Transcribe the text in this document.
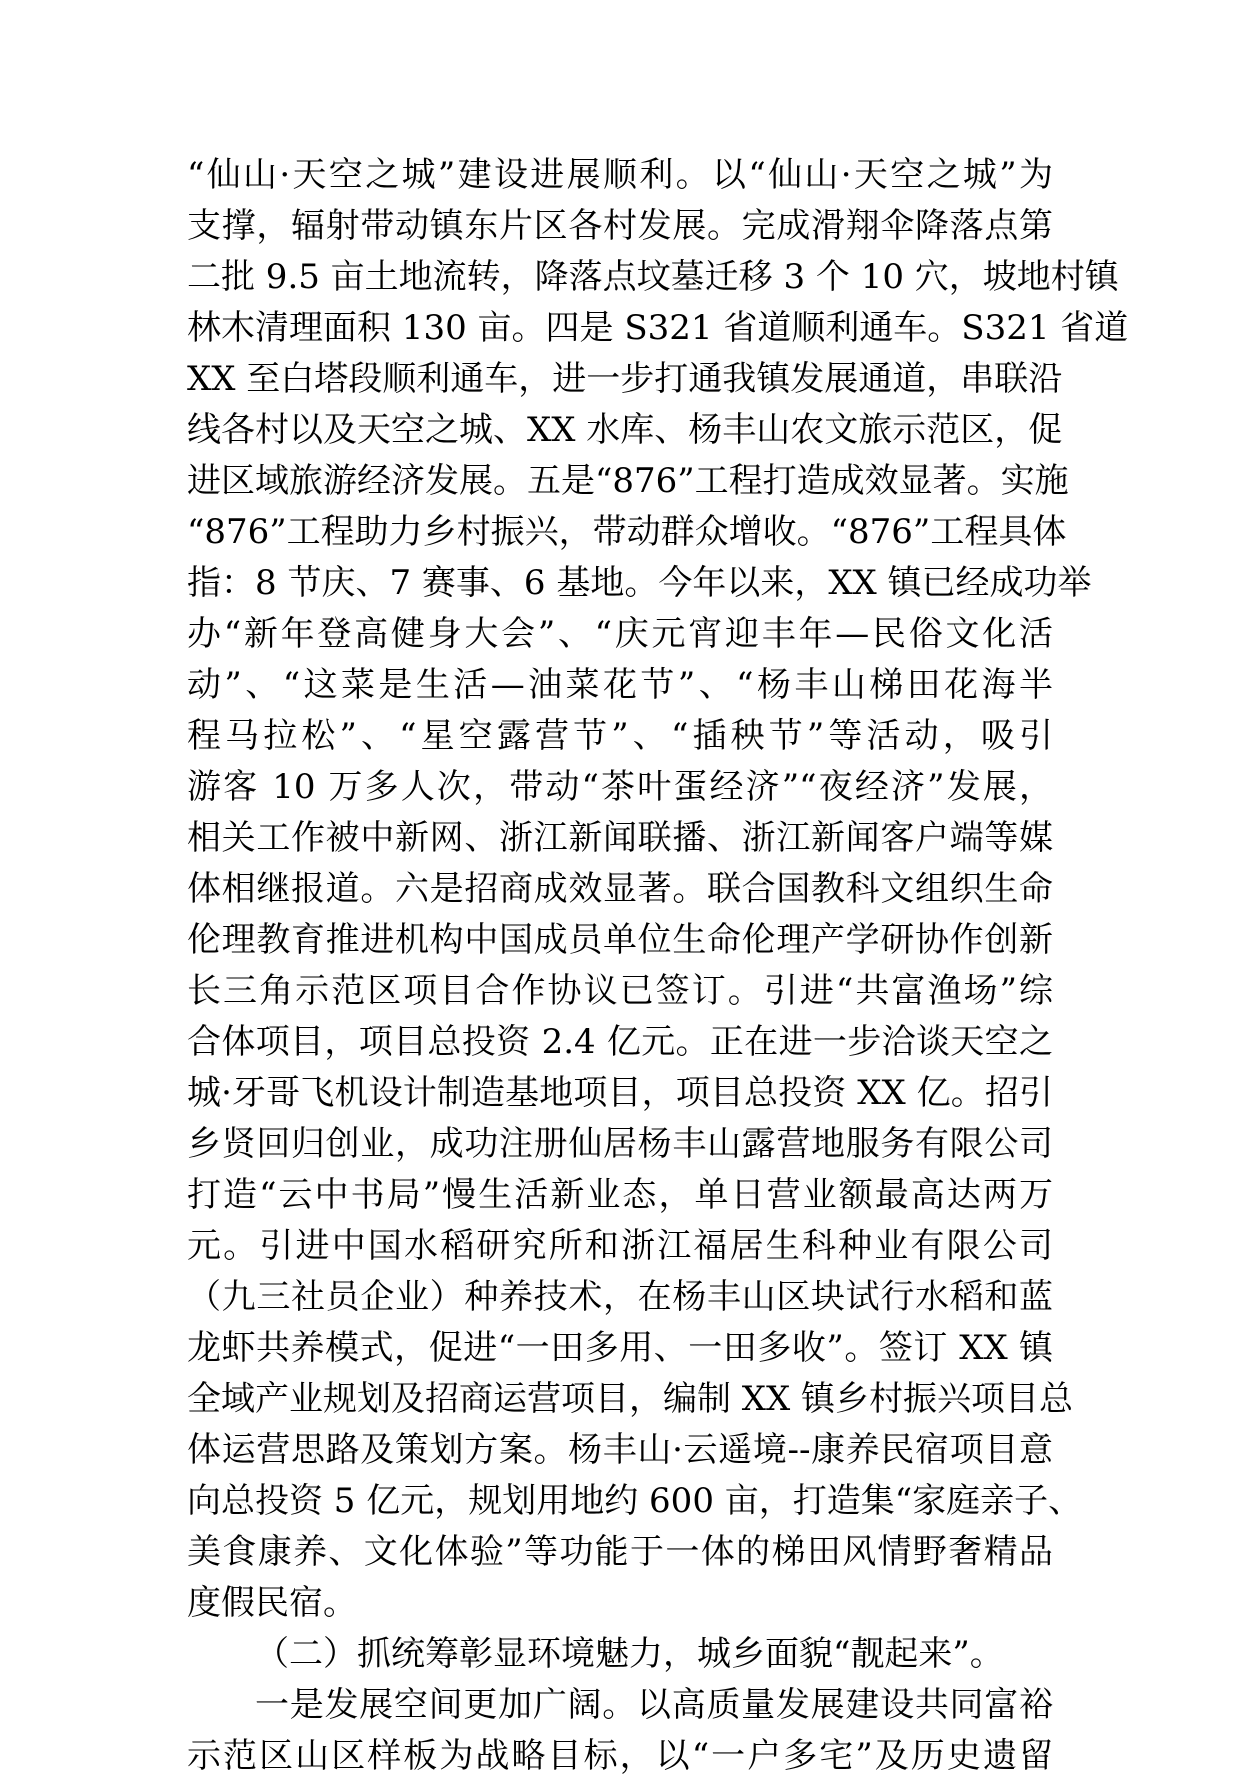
“仙山·天空之城”建设进展顺利。以“仙山·天空之城”为
支撑，辐射带动镇东片区各村发展。完成滑翔伞降落点第
二批 9.5 亩土地流转，降落点坟墓迁移 3 个 10 穴，坡地村镇
林木清理面积 130 亩。四是 S321 省道顺利通车。S321 省道
XX 至白塔段顺利通车，进一步打通我镇发展通道，串联沿
线各村以及天空之城、XX 水库、杨丰山农文旅示范区，促
进区域旅游经济发展。五是“876”工程打造成效显著。实施
“876”工程助力乡村振兴，带动群众增收。“876”工程具体
指：8 节庆、7 赛事、6 基地。今年以来，XX 镇已经成功举
办“新年登高健身大会”、“庆元宵迎丰年—民俗文化活
动”、“这菜是生活—油菜花节”、“杨丰山梯田花海半
程马拉松”、“星空露营节”、“插秧节”等活动，吸引
游客 10 万多人次，带动“茶叶蛋经济”“夜经济”发展，
相关工作被中新网、浙江新闻联播、浙江新闻客户端等媒
体相继报道。六是招商成效显著。联合国教科文组织生命
伦理教育推进机构中国成员单位生命伦理产学研协作创新
长三角示范区项目合作协议已签订。引进“共富渔场”综
合体项目，项目总投资 2.4 亿元。正在进一步洽谈天空之
城·牙哥飞机设计制造基地项目，项目总投资 XX 亿。招引
乡贤回归创业，成功注册仙居杨丰山露营地服务有限公司
打造“云中书局”慢生活新业态，单日营业额最高达两万
元。引进中国水稻研究所和浙江福居生科种业有限公司
（九三社员企业）种养技术，在杨丰山区块试行水稻和蓝
龙虾共养模式，促进“一田多用、一田多收”。签订 XX 镇
全域产业规划及招商运营项目，编制 XX 镇乡村振兴项目总
体运营思路及策划方案。杨丰山·云遥境--康养民宿项目意
向总投资 5 亿元，规划用地约 600 亩，打造集“家庭亲子、
美食康养、文化体验”等功能于一体的梯田风情野奢精品
度假民宿。
（二）抓统筹彰显环境魅力，城乡面貌“靓起来”。
一是发展空间更加广阔。以高质量发展建设共同富裕
示范区山区样板为战略目标，以“一户多宅”及历史遗留
